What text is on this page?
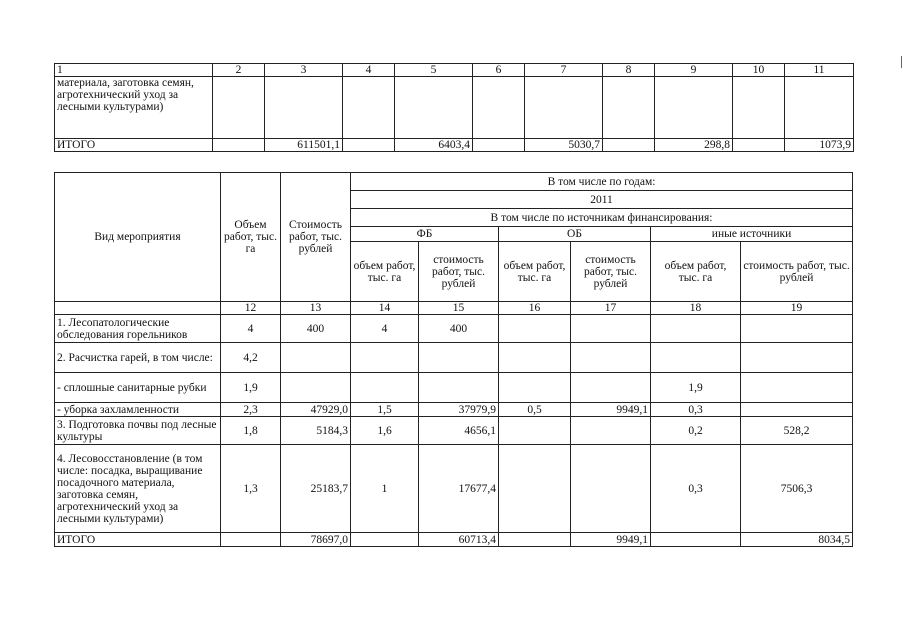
1	2	3	4	5	6	7	8	9	10	11
материала, заготовка семян, агротехнический уход за лесными культурами)										
ИТОГО		611501,1		6403,4		5030,7		298,8		1073,9
Вид мероприятия	Объем работ, тыс. га	Стоимость работ, тыс. рублей	В том числе по годам:					
			2011					
			В том числе по источникам финансирования:					
			ФБ		ОБ		иные источники	
			объем работ, тыс. га	стоимость работ, тыс. рублей	объем работ, тыс. га	стоимость работ, тыс. рублей	объем работ, тыс. га	стоимость работ, тыс. рублей
	12	13	14	15	16	17	18	19
1. Лесопатологические обследования горельников	4	400	4	400				
2. Расчистка гарей, в том числе:	4,2							
- сплошные санитарные рубки	1,9						1,9	
- уборка захламленности	2,3	47929,0	1,5	37979,9	0,5	9949,1	0,3	
3. Подготовка почвы под лесные культуры	1,8	5184,3	1,6	4656,1			0,2	528,2
4. Лесовосстановление (в том числе: посадка, выращивание посадочного материала, заготовка семян, агротехнический уход за лесными культурами)	1,3	25183,7	1	17677,4			0,3	7506,3
ИТОГО		78697,0		60713,4		9949,1		8034,5
